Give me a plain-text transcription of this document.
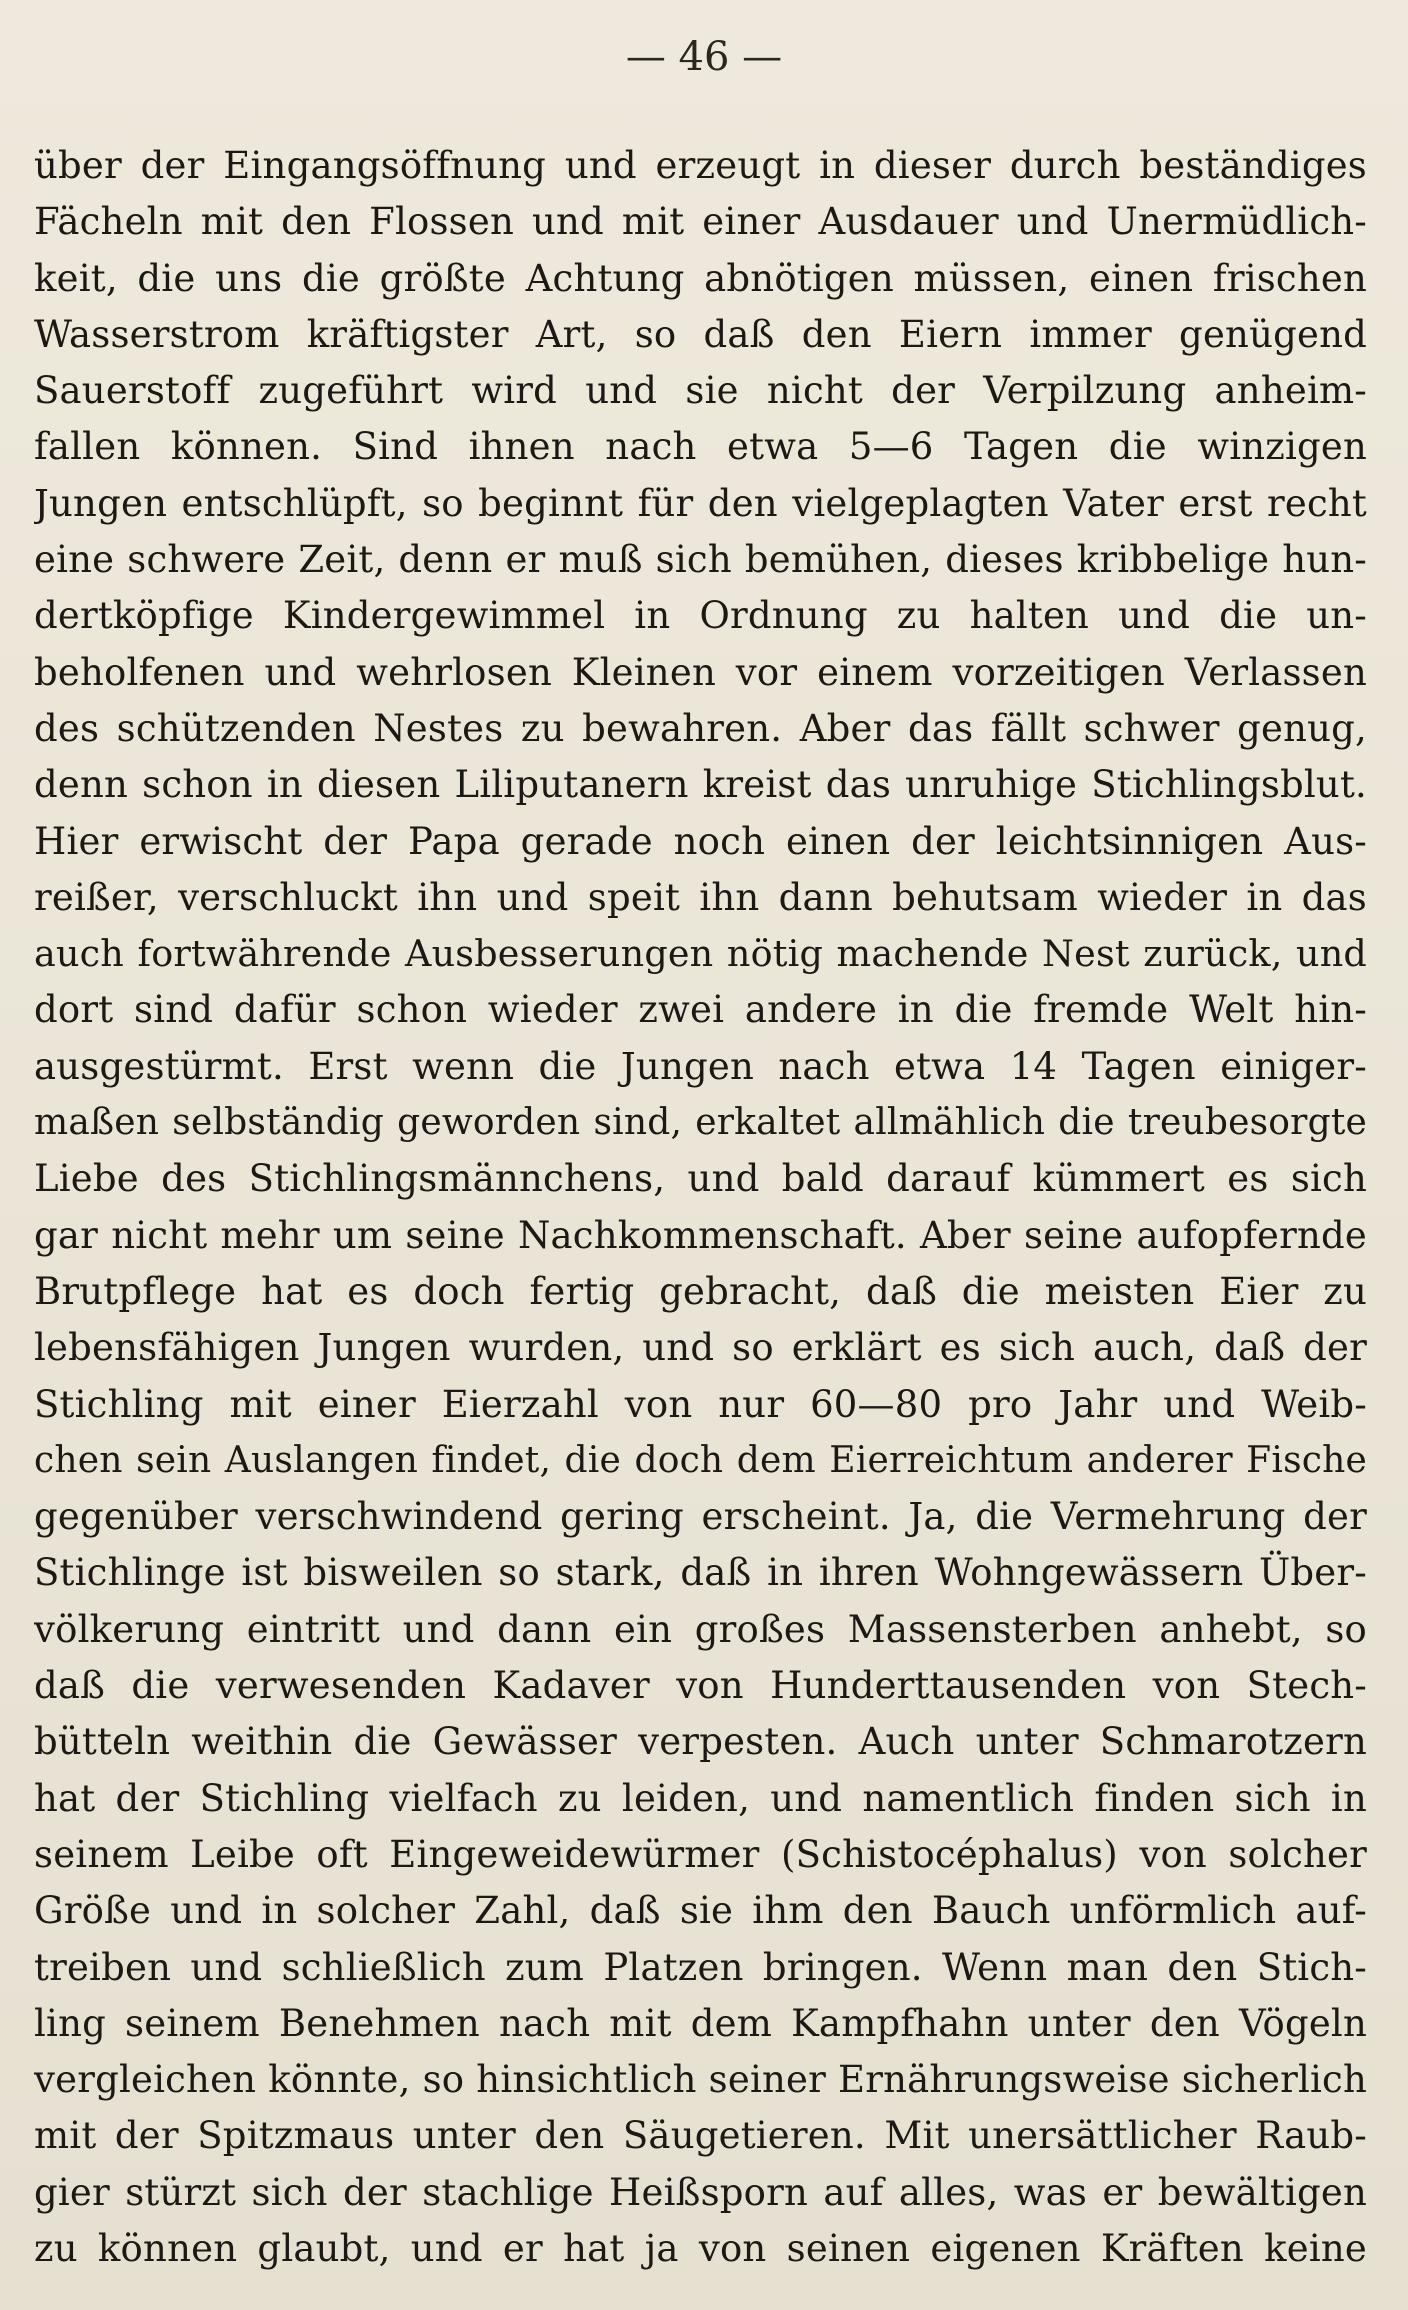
— 46 —
über der Eingangsöffnung und erzeugt in dieser durch beständiges
Fächeln mit den Flossen und mit einer Ausdauer und Unermüdlich-
keit, die uns die größte Achtung abnötigen müssen, einen frischen
Wasserstrom kräftigster Art, so daß den Eiern immer genügend
Sauerstoff zugeführt wird und sie nicht der Verpilzung anheim-
fallen können. Sind ihnen nach etwa 5—6 Tagen die winzigen
Jungen entschlüpft, so beginnt für den vielgeplagten Vater erst recht
eine schwere Zeit, denn er muß sich bemühen, dieses kribbelige hun-
dertköpfige Kindergewimmel in Ordnung zu halten und die un-
beholfenen und wehrlosen Kleinen vor einem vorzeitigen Verlassen
des schützenden Nestes zu bewahren. Aber das fällt schwer genug,
denn schon in diesen Liliputanern kreist das unruhige Stichlingsblut.
Hier erwischt der Papa gerade noch einen der leichtsinnigen Aus-
reißer, verschluckt ihn und speit ihn dann behutsam wieder in das
auch fortwährende Ausbesserungen nötig machende Nest zurück, und
dort sind dafür schon wieder zwei andere in die fremde Welt hin-
ausgestürmt. Erst wenn die Jungen nach etwa 14 Tagen einiger-
maßen selbständig geworden sind, erkaltet allmählich die treubesorgte
Liebe des Stichlingsmännchens, und bald darauf kümmert es sich
gar nicht mehr um seine Nachkommenschaft. Aber seine aufopfernde
Brutpflege hat es doch fertig gebracht, daß die meisten Eier zu
lebensfähigen Jungen wurden, und so erklärt es sich auch, daß der
Stichling mit einer Eierzahl von nur 60—80 pro Jahr und Weib-
chen sein Auslangen findet, die doch dem Eierreichtum anderer Fische
gegenüber verschwindend gering erscheint. Ja, die Vermehrung der
Stichlinge ist bisweilen so stark, daß in ihren Wohngewässern Über-
völkerung eintritt und dann ein großes Massensterben anhebt, so
daß die verwesenden Kadaver von Hunderttausenden von Stech-
bütteln weithin die Gewässer verpesten. Auch unter Schmarotzern
hat der Stichling vielfach zu leiden, und namentlich finden sich in
seinem Leibe oft Eingeweidewürmer (Schistocéphalus) von solcher
Größe und in solcher Zahl, daß sie ihm den Bauch unförmlich auf-
treiben und schließlich zum Platzen bringen. Wenn man den Stich-
ling seinem Benehmen nach mit dem Kampfhahn unter den Vögeln
vergleichen könnte, so hinsichtlich seiner Ernährungsweise sicherlich
mit der Spitzmaus unter den Säugetieren. Mit unersättlicher Raub-
gier stürzt sich der stachlige Heißsporn auf alles, was er bewältigen
zu können glaubt, und er hat ja von seinen eigenen Kräften keine
